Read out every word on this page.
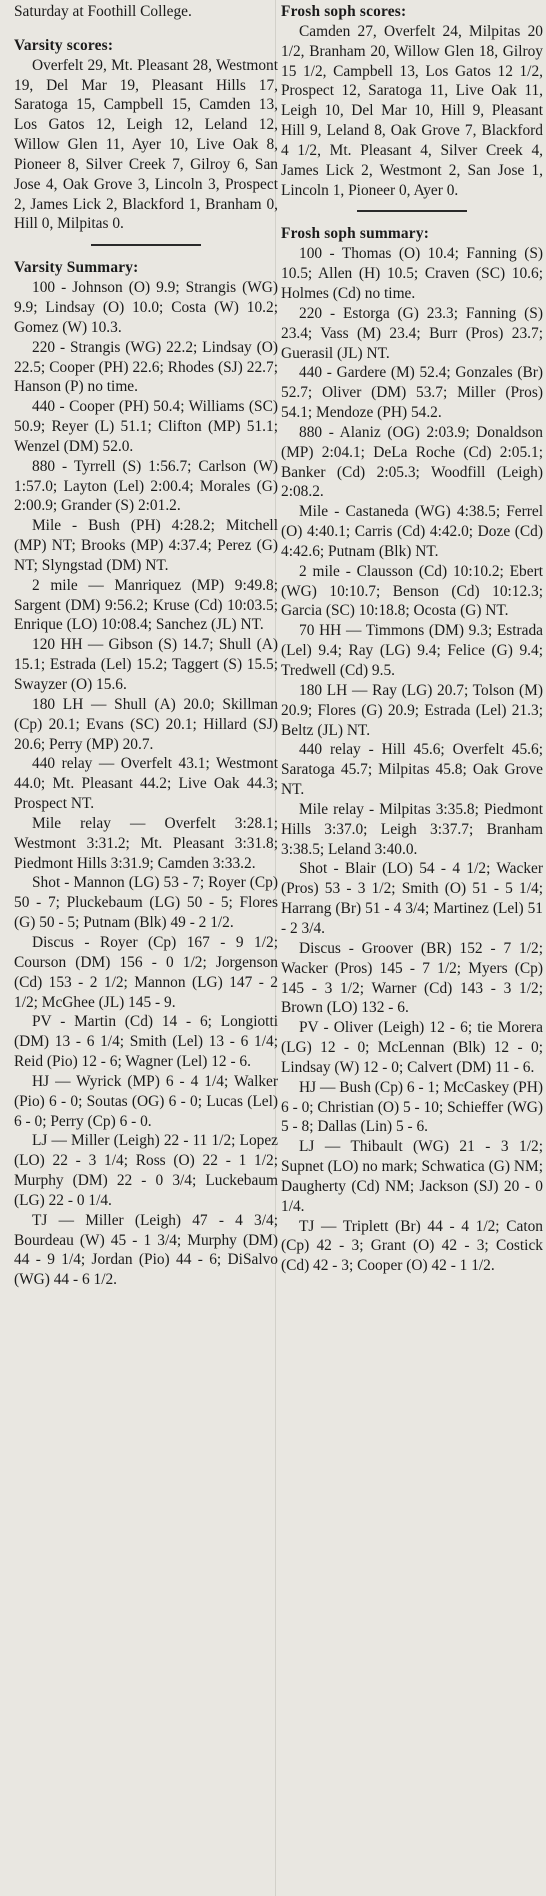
Saturday at Foothill College.

Varsity scores:

Overfelt 29, Mt. Pleasant 28, Westmont 19, Del Mar 19, Pleasant Hills 17, Saratoga 15, Campbell 15, Camden 13, Los Gatos 12, Leigh 12, Leland 12, Willow Glen 11, Ayer 10, Live Oak 8, Pioneer 8, Silver Creek 7, Gilroy 6, San Jose 4, Oak Grove 3, Lincoln 3, Prospect 2, James Lick 2, Blackford 1, Branham 0, Hill 0, Milpitas 0.

Varsity Summary:

100 - Johnson (O) 9.9; Strangis (WG) 9.9; Lindsay (O) 10.0; Costa (W) 10.2; Gomez (W) 10.3.

220 - Strangis (WG) 22.2; Lindsay (O) 22.5; Cooper (PH) 22.6; Rhodes (SJ) 22.7; Hanson (P) no time.

440 - Cooper (PH) 50.4; Williams (SC) 50.9; Reyer (L) 51.1; Clifton (MP) 51.1; Wenzel (DM) 52.0.

880 - Tyrrell (S) 1:56.7; Carlson (W) 1:57.0; Layton (Lel) 2:00.4; Morales (G) 2:00.9; Grander (S) 2:01.2.

Mile - Bush (PH) 4:28.2; Mitchell (MP) NT; Brooks (MP) 4:37.4; Perez (G) NT; Slyngstad (DM) NT.

2 mile — Manriquez (MP) 9:49.8; Sargent (DM) 9:56.2; Kruse (Cd) 10:03.5; Enrique (LO) 10:08.4; Sanchez (JL) NT.

120 HH — Gibson (S) 14.7; Shull (A) 15.1; Estrada (Lel) 15.2; Taggert (S) 15.5; Swayzer (O) 15.6.

180 LH — Shull (A) 20.0; Skillman (Cp) 20.1; Evans (SC) 20.1; Hillard (SJ) 20.6; Perry (MP) 20.7.

440 relay — Overfelt 43.1; Westmont 44.0; Mt. Pleasant 44.2; Live Oak 44.3; Prospect NT.

Mile relay — Overfelt 3:28.1; Westmont 3:31.2; Mt. Pleasant 3:31.8; Piedmont Hills 3:31.9; Camden 3:33.2.

Shot - Mannon (LG) 53 - 7; Royer (Cp) 50 - 7; Pluckebaum (LG) 50 - 5; Flores (G) 50 - 5; Putnam (Blk) 49 - 2 1/2.

Discus - Royer (Cp) 167 - 9 1/2; Courson (DM) 156 - 0 1/2; Jorgenson (Cd) 153 - 2 1/2; Mannon (LG) 147 - 2 1/2; McGhee (JL) 145 - 9.

PV - Martin (Cd) 14 - 6; Longiotti (DM) 13 - 6 1/4; Smith (Lel) 13 - 6 1/4; Reid (Pio) 12 - 6; Wagner (Lel) 12 - 6.

HJ — Wyrick (MP) 6 - 4 1/4; Walker (Pio) 6 - 0; Soutas (OG) 6 - 0; Lucas (Lel) 6 - 0; Perry (Cp) 6 - 0.

LJ — Miller (Leigh) 22 - 11 1/2; Lopez (LO) 22 - 3 1/4; Ross (O) 22 - 1 1/2; Murphy (DM) 22 - 0 3/4; Luckebaum (LG) 22 - 0 1/4.

TJ — Miller (Leigh) 47 - 4 3/4; Bourdeau (W) 45 - 1 3/4; Murphy (DM) 44 - 9 1/4; Jordan (Pio) 44 - 6; DiSalvo (WG) 44 - 6 1/2.

Frosh soph scores:

Camden 27, Overfelt 24, Milpitas 20 1/2, Branham 20, Willow Glen 18, Gilroy 15 1/2, Campbell 13, Los Gatos 12 1/2, Prospect 12, Saratoga 11, Live Oak 11, Leigh 10, Del Mar 10, Hill 9, Pleasant Hill 9, Leland 8, Oak Grove 7, Blackford 4 1/2, Mt. Pleasant 4, Silver Creek 4, James Lick 2, Westmont 2, San Jose 1, Lincoln 1, Pioneer 0, Ayer 0.

Frosh soph summary:

100 - Thomas (O) 10.4; Fanning (S) 10.5; Allen (H) 10.5; Craven (SC) 10.6; Holmes (Cd) no time.

220 - Estorga (G) 23.3; Fanning (S) 23.4; Vass (M) 23.4; Burr (Pros) 23.7; Guerasil (JL) NT.

440 - Gardere (M) 52.4; Gonzales (Br) 52.7; Oliver (DM) 53.7; Miller (Pros) 54.1; Mendoze (PH) 54.2.

880 - Alaniz (OG) 2:03.9; Donaldson (MP) 2:04.1; DeLa Roche (Cd) 2:05.1; Banker (Cd) 2:05.3; Woodfill (Leigh) 2:08.2.

Mile - Castaneda (WG) 4:38.5; Ferrel (O) 4:40.1; Carris (Cd) 4:42.0; Doze (Cd) 4:42.6; Putnam (Blk) NT.

2 mile - Clausson (Cd) 10:10.2; Ebert (WG) 10:10.7; Benson (Cd) 10:12.3; Garcia (SC) 10:18.8; Ocosta (G) NT.

70 HH — Timmons (DM) 9.3; Estrada (Lel) 9.4; Ray (LG) 9.4; Felice (G) 9.4; Tredwell (Cd) 9.5.

180 LH — Ray (LG) 20.7; Tolson (M) 20.9; Flores (G) 20.9; Estrada (Lel) 21.3; Beltz (JL) NT.

440 relay - Hill 45.6; Overfelt 45.6; Saratoga 45.7; Milpitas 45.8; Oak Grove NT.

Mile relay - Milpitas 3:35.8; Piedmont Hills 3:37.0; Leigh 3:37.7; Branham 3:38.5; Leland 3:40.0.

Shot - Blair (LO) 54 - 4 1/2; Wacker (Pros) 53 - 3 1/2; Smith (O) 51 - 5 1/4; Harrang (Br) 51 - 4 3/4; Martinez (Lel) 51 - 2 3/4.

Discus - Groover (BR) 152 - 7 1/2; Wacker (Pros) 145 - 7 1/2; Myers (Cp) 145 - 3 1/2; Warner (Cd) 143 - 3 1/2; Brown (LO) 132 - 6.

PV - Oliver (Leigh) 12 - 6; tie Morera (LG) 12 - 0; McLennan (Blk) 12 - 0; Lindsay (W) 12 - 0; Calvert (DM) 11 - 6.

HJ — Bush (Cp) 6 - 1; McCaskey (PH) 6 - 0; Christian (O) 5 - 10; Schieffer (WG) 5 - 8; Dallas (Lin) 5 - 6.

LJ — Thibault (WG) 21 - 3 1/2; Supnet (LO) no mark; Schwatica (G) NM; Daugherty (Cd) NM; Jackson (SJ) 20 - 0 1/4.

TJ — Triplett (Br) 44 - 4 1/2; Caton (Cp) 42 - 3; Grant (O) 42 - 3; Costick (Cd) 42 - 3; Cooper (O) 42 - 1 1/2.
